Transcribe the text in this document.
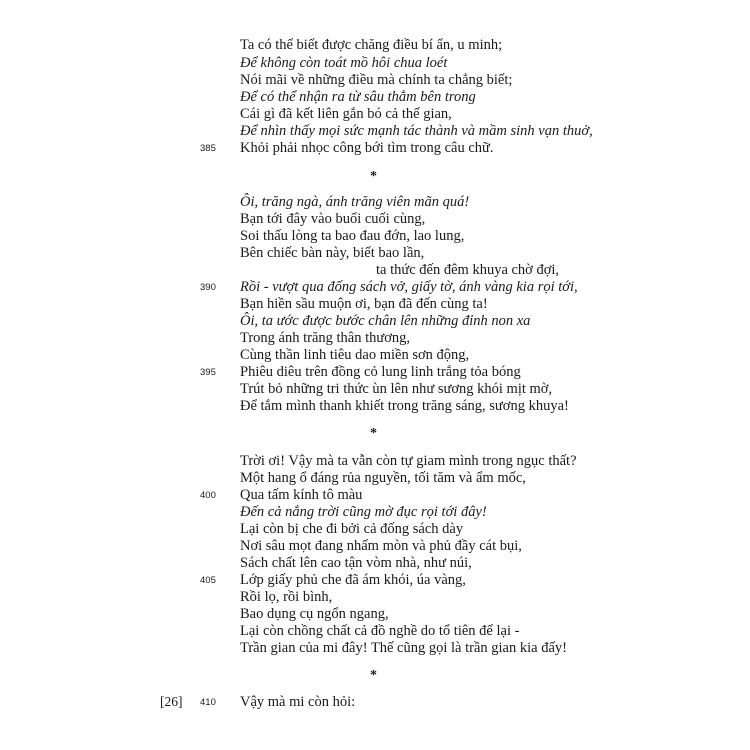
Ta có thể biết được chăng điều bí ẩn, u minh;
Để không còn toát mồ hôi chua loét
Nói mãi về những điều mà chính ta chẳng biết;
Để có thể nhận ra từ sâu thẳm bên trong
Cái gì đã kết liên gắn bó cả thế gian,
Để nhìn thấy mọi sức mạnh tác thành và mầm sinh vạn thuở,
385 Khỏi phải nhọc công bới tìm trong câu chữ.
*
Ôi, trăng ngà, ánh trăng viên mãn quá!
Bạn tới đây vào buổi cuối cùng,
Soi thấu lòng ta bao đau đớn, lao lung,
Bên chiếc bàn này, biết bao lần,
ta thức đến đêm khuya chờ đợi,
390 Rồi - vượt qua đống sách vở, giấy tờ, ánh vàng kia rọi tới,
Bạn hiền sầu muộn ơi, bạn đã đến cùng ta!
Ôi, ta ước được bước chân lên những đỉnh non xa
Trong ánh trăng thân thương,
Cùng thần linh tiêu dao miền sơn động,
395 Phiêu diêu trên đồng cỏ lung linh trắng tỏa bóng
Trút bỏ những tri thức ùn lên như sương khói mịt mờ,
Để tắm mình thanh khiết trong trăng sáng, sương khuya!
*
Trời ơi! Vậy mà ta vẫn còn tự giam mình trong ngục thất?
Một hang ổ đáng rủa nguyền, tối tăm và ẩm mốc,
400 Qua tấm kính tô màu
Đến cả nắng trời cũng mờ đục rọi tới đây!
Lại còn bị che đi bởi cả đống sách dày
Nơi sâu mọt đang nhấm mòn và phủ đầy cát bụi,
Sách chất lên cao tận vòm nhà, như núi,
405 Lớp giấy phủ che đã ám khói, úa vàng,
Rồi lọ, rồi bình,
Bao dụng cụ ngổn ngang,
Lại còn chồng chất cả đồ nghề do tổ tiên để lại -
Trần gian của mi đây! Thế cũng gọi là trần gian kia đấy!
*
[26] 410 Vậy mà mi còn hỏi:
